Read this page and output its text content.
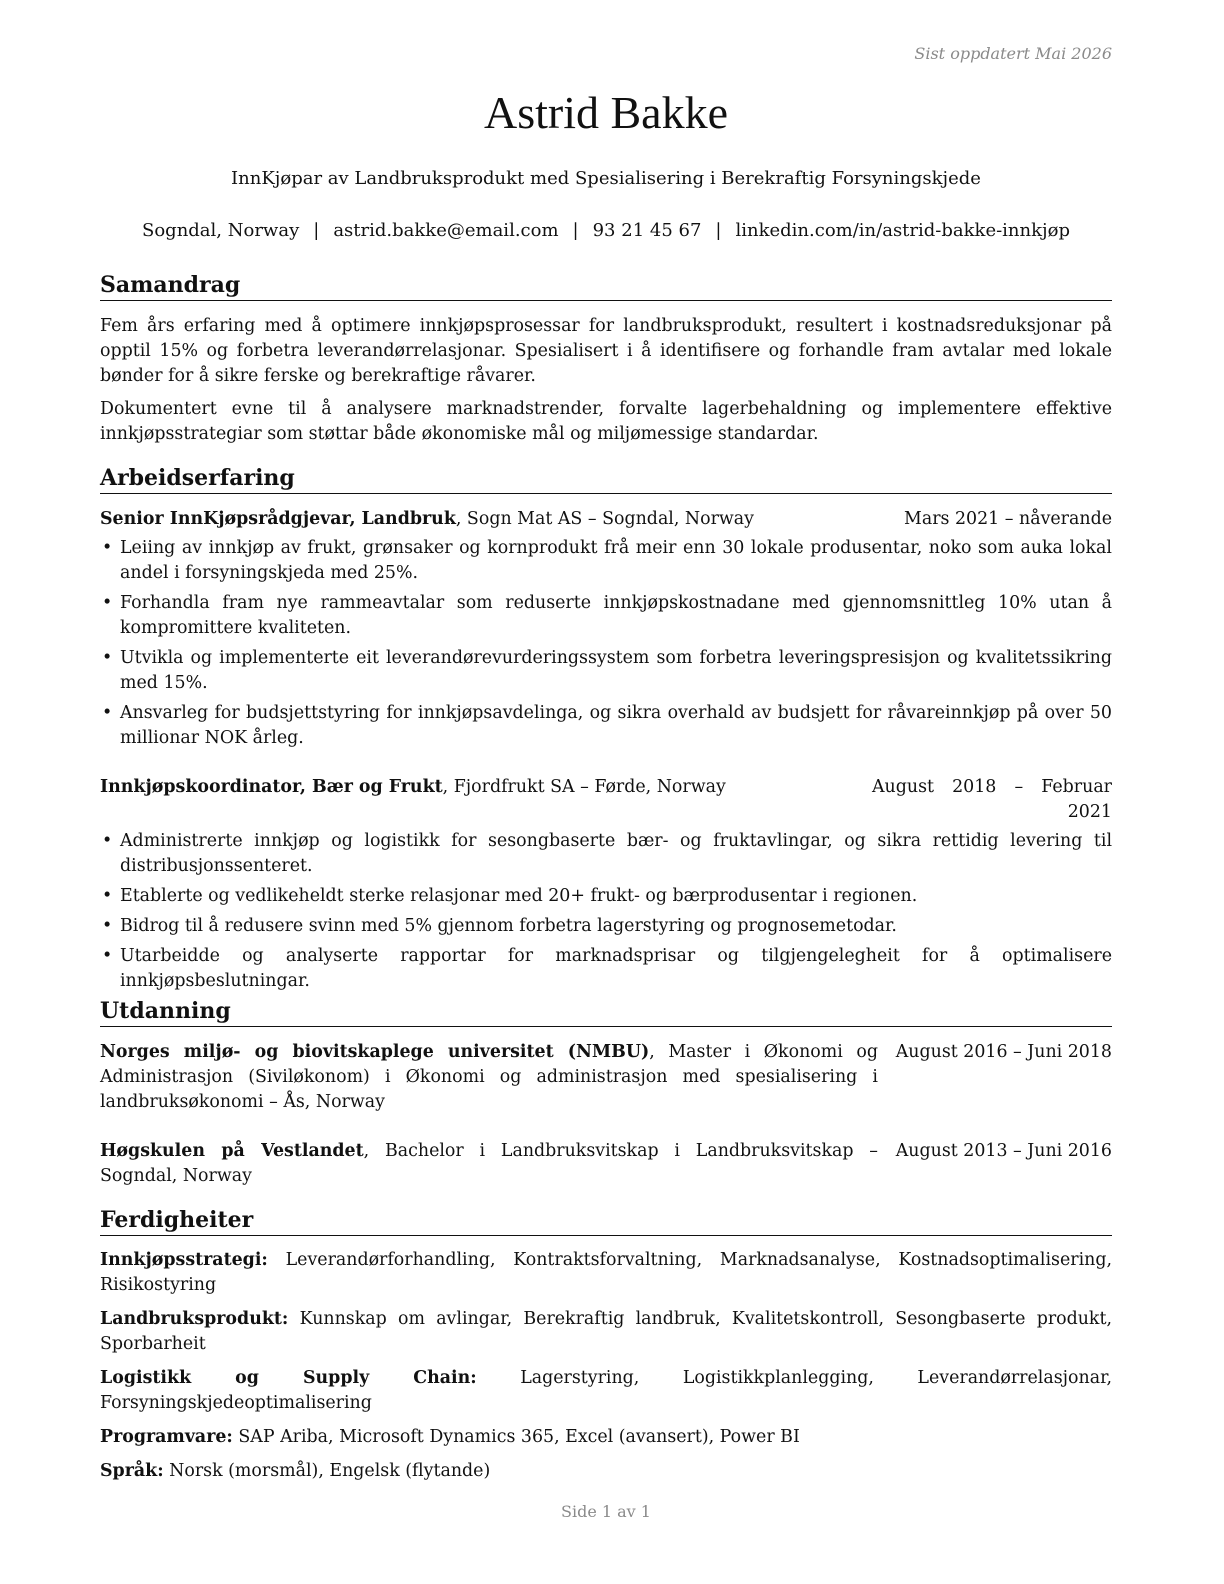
Sist oppdatert Mai 2026
Astrid Bakke
InnKjøpar av Landbruksprodukt med Spesialisering i Berekraftig Forsyningskjede
Sogndal, Norway | astrid.bakke@email.com | 93 21 45 67 | linkedin.com/in/astrid-bakke-innkjøp
Samandrag

Fem års erfaring med å optimere innkjøpsprosessar for landbruksprodukt, resultert i kostnadsreduksjonar på opptil 15% og forbetra leverandørrelasjonar. Spesialisert i å identifisere og forhandle fram avtalar med lokale bønder for å sikre ferske og berekraftige råvarer.

Dokumentert evne til å analysere marknadstrender, forvalte lagerbehaldning og implementere effektive innkjøpsstrategiar som støttar både økonomiske mål og miljømessige standardar.

Arbeidserfaring
Senior InnKjøpsrådgjevar, Landbruk, Sogn Mat AS – Sogndal, Norway	Mars 2021 – nåverande
• Leiing av innkjøp av frukt, grønsaker og kornprodukt frå meir enn 30 lokale produsentar, noko som auka lokal andel i forsyningskjeda med 25%.
• Forhandla fram nye rammeavtalar som reduserte innkjøpskostnadane med gjennomsnittleg 10% utan å kompromittere kvaliteten.
• Utvikla og implementerte eit leverandørevurderingssystem som forbetra leveringspresisjon og kvalitetssikring med 15%.
• Ansvarleg for budsjettstyring for innkjøpsavdelinga, og sikra overhald av budsjett for råvareinnkjøp på over 50 millionar NOK årleg.
Innkjøpskoordinator, Bær og Frukt, Fjordfrukt SA – Førde, Norway	August 2018 – Februar 2021
• Administrerte innkjøp og logistikk for sesongbaserte bær- og fruktavlingar, og sikra rettidig levering til distribusjonssenteret.
• Etablerte og vedlikeheldt sterke relasjonar med 20+ frukt- og bærprodusentar i regionen.
• Bidrog til å redusere svinn med 5% gjennom forbetra lagerstyring og prognosemetodar.
• Utarbeidde og analyserte rapportar for marknadsprisar og tilgjengelegheit for å optimalisere innkjøpsbeslutningar.
Utdanning
Norges miljø- og biovitskaplege universitet (NMBU), Master i Økonomi og Administrasjon (Siviløkonom) i Økonomi og administrasjon med spesialisering i landbruksøkonomi – Ås, Norway
August 2016 – Juni 2018
Høgskulen på Vestlandet, Bachelor i Landbruksvitskap i Landbruksvitskap – Sogndal, Norway
August 2013 – Juni 2016
Ferdigheiter
Innkjøpsstrategi: Leverandørforhandling, Kontraktsforvaltning, Marknadsanalyse, Kostnadsoptimalisering, Risikostyring
Landbruksprodukt: Kunnskap om avlingar, Berekraftig landbruk, Kvalitetskontroll, Sesongbaserte produkt, Sporbarheit
Logistikk og Supply Chain: Lagerstyring, Logistikkplanlegging, Leverandørrelasjonar, Forsyningskjedeoptimalisering
Programvare: SAP Ariba, Microsoft Dynamics 365, Excel (avansert), Power BI
Språk: Norsk (morsmål), Engelsk (flytande)
Side 1 av 1
